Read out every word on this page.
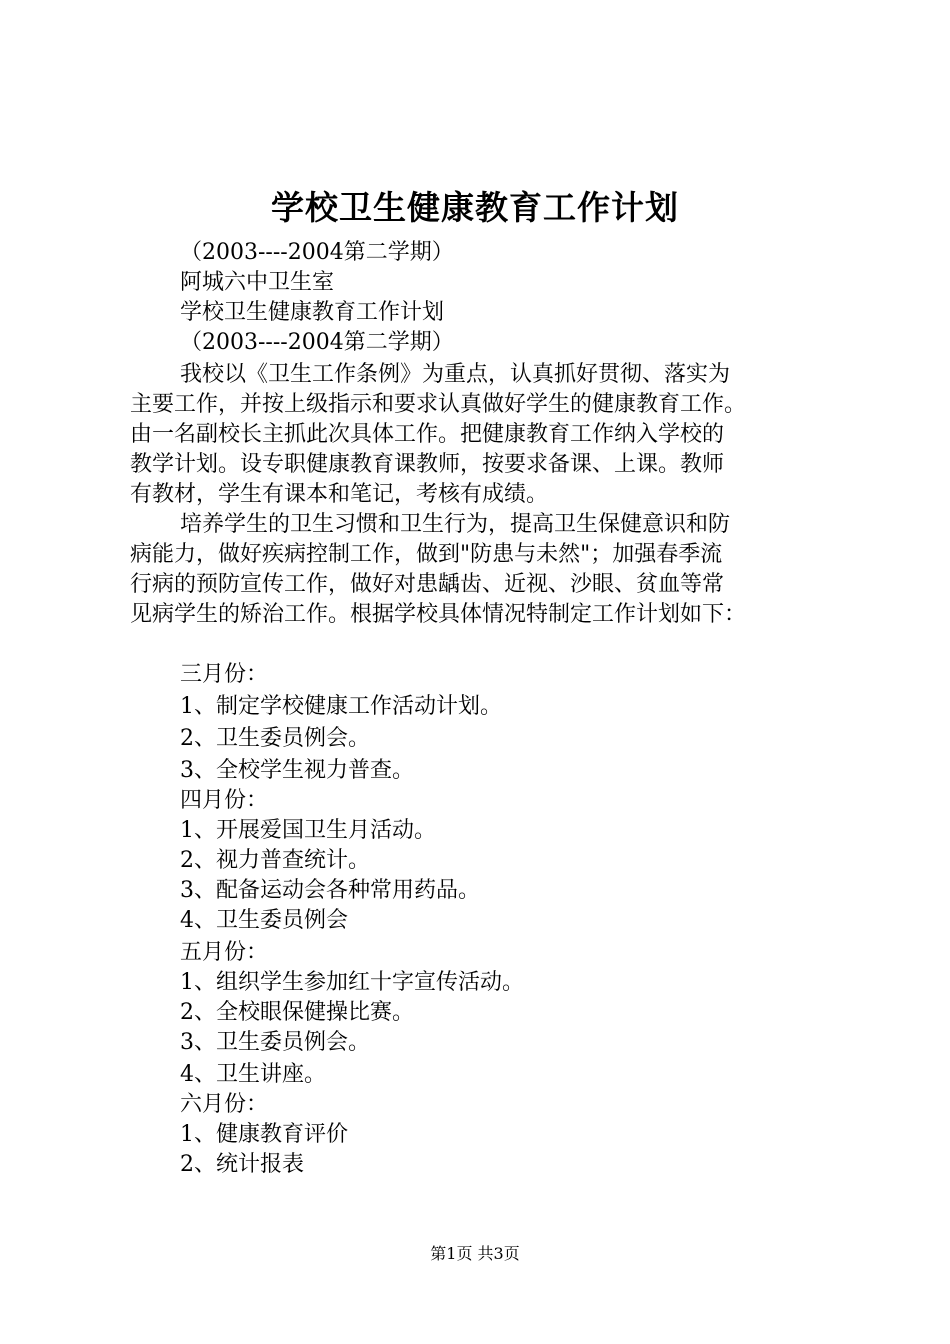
学校卫生健康教育工作计划
（2003----2004第二学期）
阿城六中卫生室
学校卫生健康教育工作计划
（2003----2004第二学期）
我校以《卫生工作条例》为重点，认真抓好贯彻、落实为
主要工作，并按上级指示和要求认真做好学生的健康教育工作。
由一名副校长主抓此次具体工作。把健康教育工作纳入学校的
教学计划。设专职健康教育课教师，按要求备课、上课。教师
有教材，学生有课本和笔记，考核有成绩。
培养学生的卫生习惯和卫生行为，提高卫生保健意识和防
病能力，做好疾病控制工作，做到"防患与未然"；加强春季流
行病的预防宣传工作，做好对患龋齿、近视、沙眼、贫血等常
见病学生的矫治工作。根据学校具体情况特制定工作计划如下：
三月份：
1、制定学校健康工作活动计划。
2、卫生委员例会。
3、全校学生视力普查。
四月份：
1、开展爱国卫生月活动。
2、视力普查统计。
3、配备运动会各种常用药品。
4、卫生委员例会
五月份：
1、组织学生参加红十字宣传活动。
2、全校眼保健操比赛。
3、卫生委员例会。
4、卫生讲座。
六月份：
1、健康教育评价
2、统计报表
第1页 共3页
